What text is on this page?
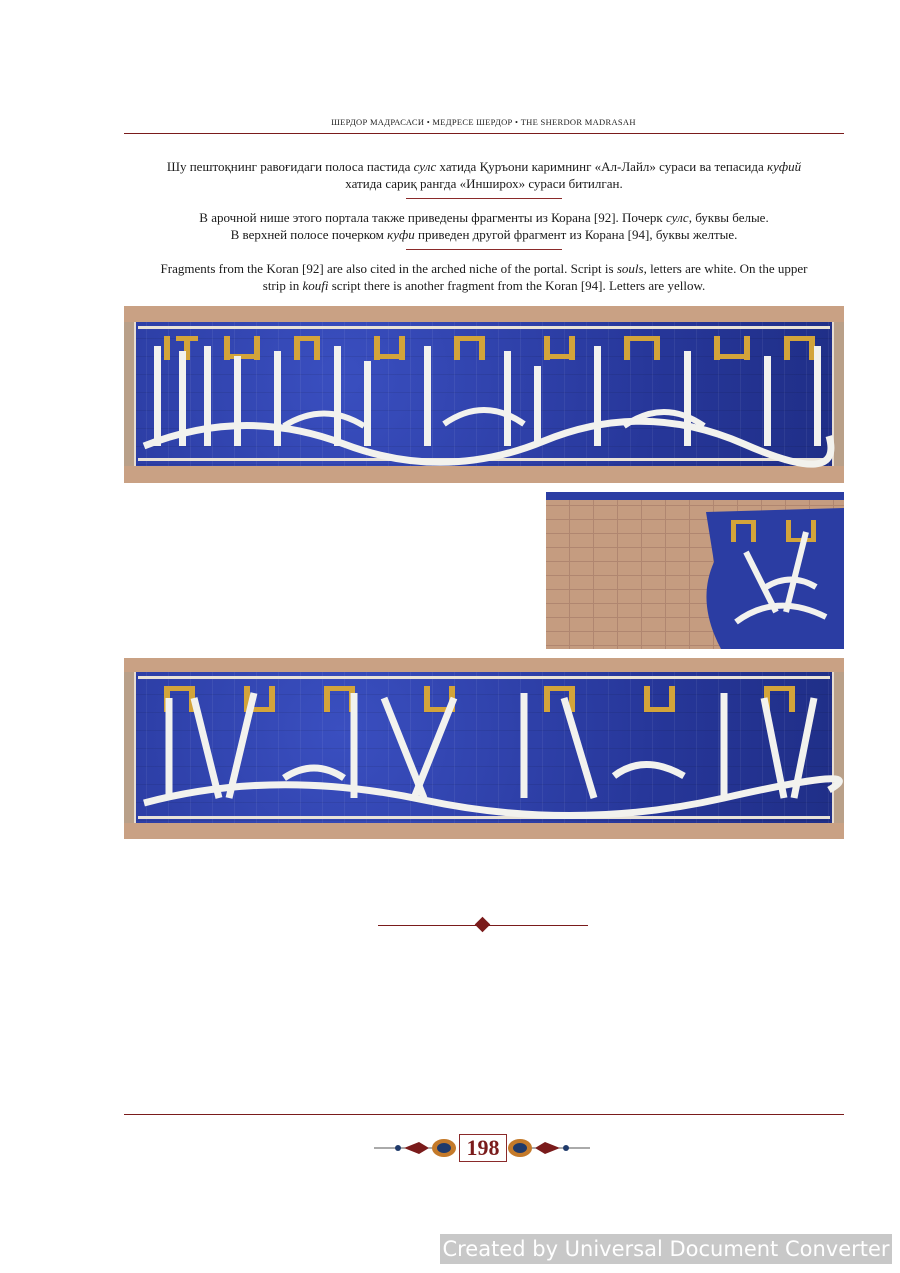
ШЕРДОР МАДРАСАСИ • МЕДРЕСЕ ШЕРДОР • THE SHERDOR MADRASAH
Шу пештоқнинг равоғидаги полоса пастида сулс хатида Қуръони каримнинг «Ал-Лайл» сураси ва тепасида куфий
хатида сариқ рангда «Инширох» сураси битилган.
В арочной нише этого портала также приведены фрагменты из Корана [92]. Почерк сулс, буквы белые.
В верхней полосе почерком куфи приведен другой фрагмент из Корана [94], буквы желтые.
Fragments from the Koran [92] are also cited in the arched niche of the portal. Script is souls, letters are white. On the upper
strip in koufi script there is another fragment from the Koran [94]. Letters are yellow.
198
Created by Universal Document Converter
